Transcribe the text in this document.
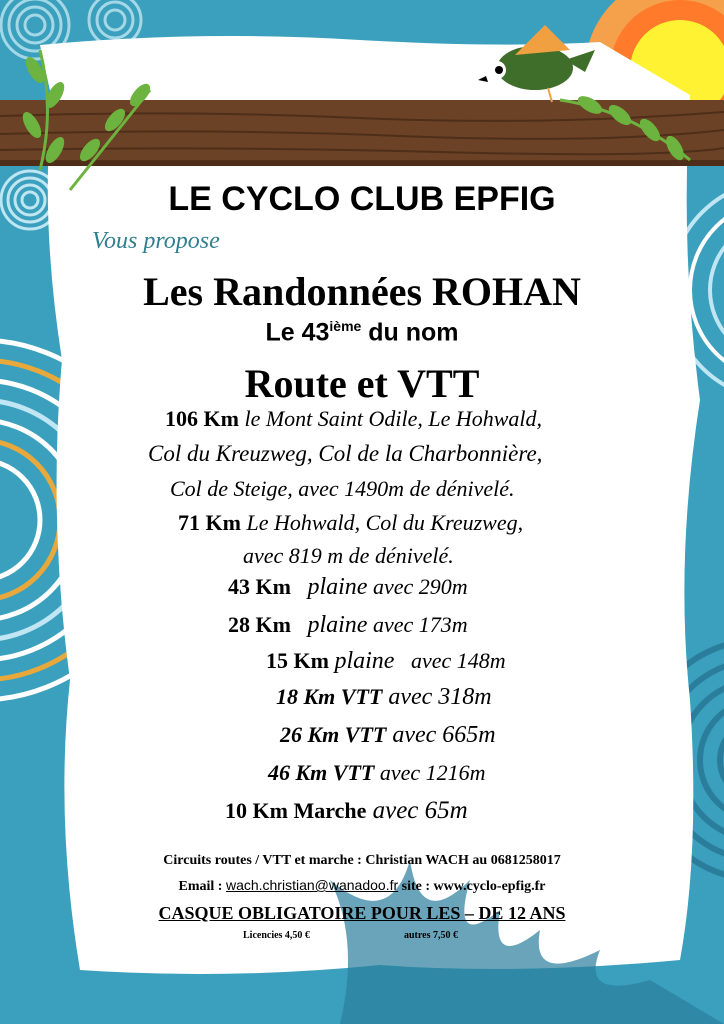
LE CYCLO CLUB EPFIG
Vous propose
Les Randonnées ROHAN
Le 43ième du nom
Route et VTT
106 Km le Mont Saint Odile, Le Hohwald,
Col du Kreuzweg, Col de la Charbonnière,
Col de Steige, avec 1490m de dénivelé.
71 Km Le Hohwald, Col du Kreuzweg,
avec 819 m de dénivelé.
43 Km plaine avec 290m
28 Km plaine avec 173m
15 Km plaine   avec 148m
18 Km VTT avec 318m
26 Km VTT avec 665m
46 Km VTT avec 1216m
10 Km Marche avec 65m
Circuits routes / VTT et marche : Christian WACH au 0681258017
Email : wach.christian@wanadoo.fr site : www.cyclo-epfig.fr
CASQUE OBLIGATOIRE POUR LES – DE 12 ANS
Licencies 4,50 €	autres 7,50 €
